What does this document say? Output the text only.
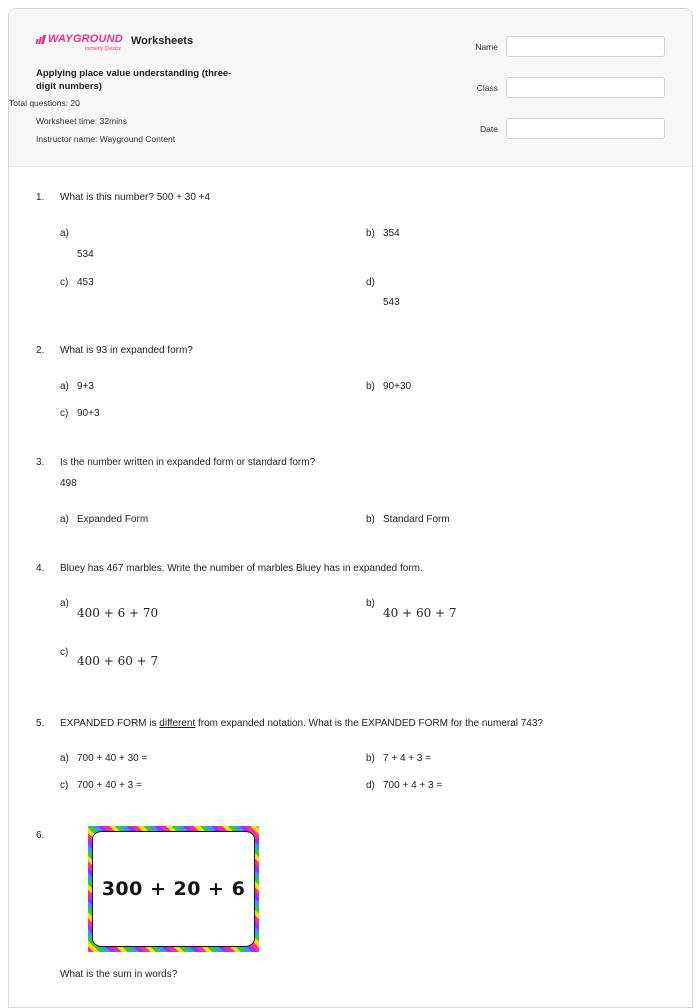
WAYGROUND
formerly Quizizz
Worksheets
Applying place value understanding (three-digit numbers)
Total questions: 20
Worksheet time: 32mins
Instructor name: Wayground Content
Name
Class
Date
1. What is this number? 500 + 30 +4
a)
534
b) 354
c) 453	d)
543
2. What is 93 in expanded form?
a) 9+3	b) 90+30
c) 90+3
3. Is the number written in expanded form or standard form?
498
a) Expanded Form	b) Standard Form
4. Bluey has 467 marbles. Write the number of marbles Bluey has in expanded form.
a)
400 + 6 + 70
b)
40 + 60 + 7
c)
400 + 60 + 7
5. EXPANDED FORM is different from expanded notation. What is the EXPANDED FORM for the numeral 743?
a) 700 + 40 + 30 =	b) 7 + 4 + 3 =
c) 700 + 40 + 3 =	d) 700 + 4 + 3 =
6.
300 + 20 + 6
What is the sum in words?
